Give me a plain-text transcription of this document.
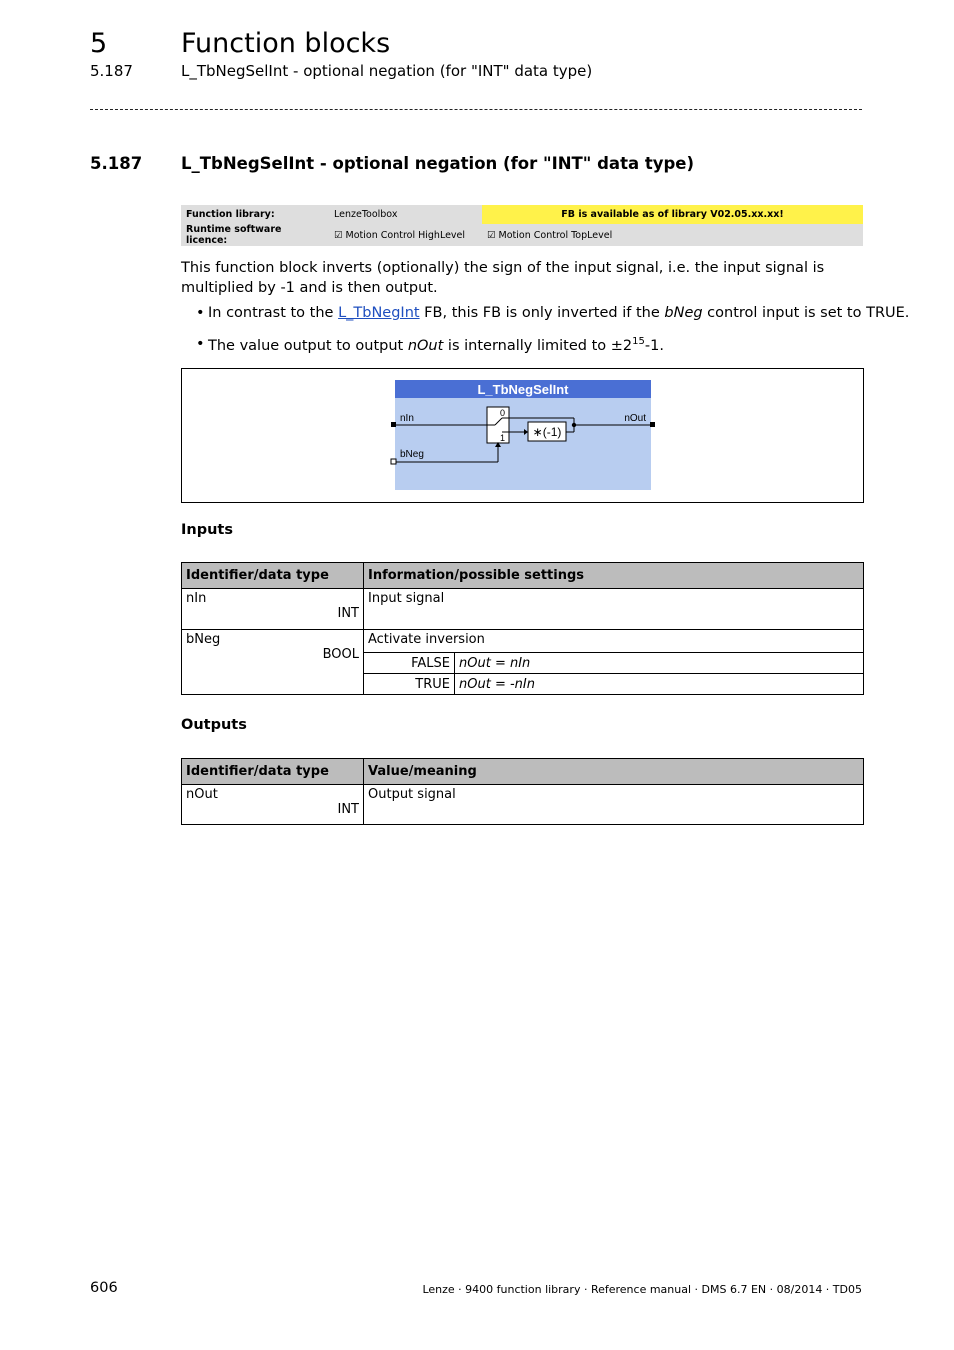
5	Function blocks
5.187	L_TbNegSelInt - optional negation (for "INT" data type)
5.187 L_TbNegSelInt - optional negation (for "INT" data type)
Function library:	LenzeToolbox	FB is available as of library V02.05.xx.xx!
Runtime software licence:	☑ Motion Control HighLevel	☑ Motion Control TopLevel
This function block inverts (optionally) the sign of the input signal, i.e. the input signal is multiplied by -1 and is then output.
• In contrast to the L_TbNegInt FB, this FB is only inverted if the bNeg control input is set to TRUE.
• The value output to output nOut is internally limited to $\pm 2^{15}-1$.
L_TbNegSelInt
nIn
bNeg
nOut
0
1 ∗(-1)
Inputs
Identifier/data type	Information/possible settings	

nIn
INT	Input signal	

bNeg
BOOL	Activate inversion	
	FALSE	nOut = nIn
	TRUE	nOut = -nIn
Outputs
Identifier/data type	Value/meaning

nOut
INT	Output signal
606	Lenze · 9400 function library · Reference manual · DMS 6.7 EN · 08/2014 · TD05
